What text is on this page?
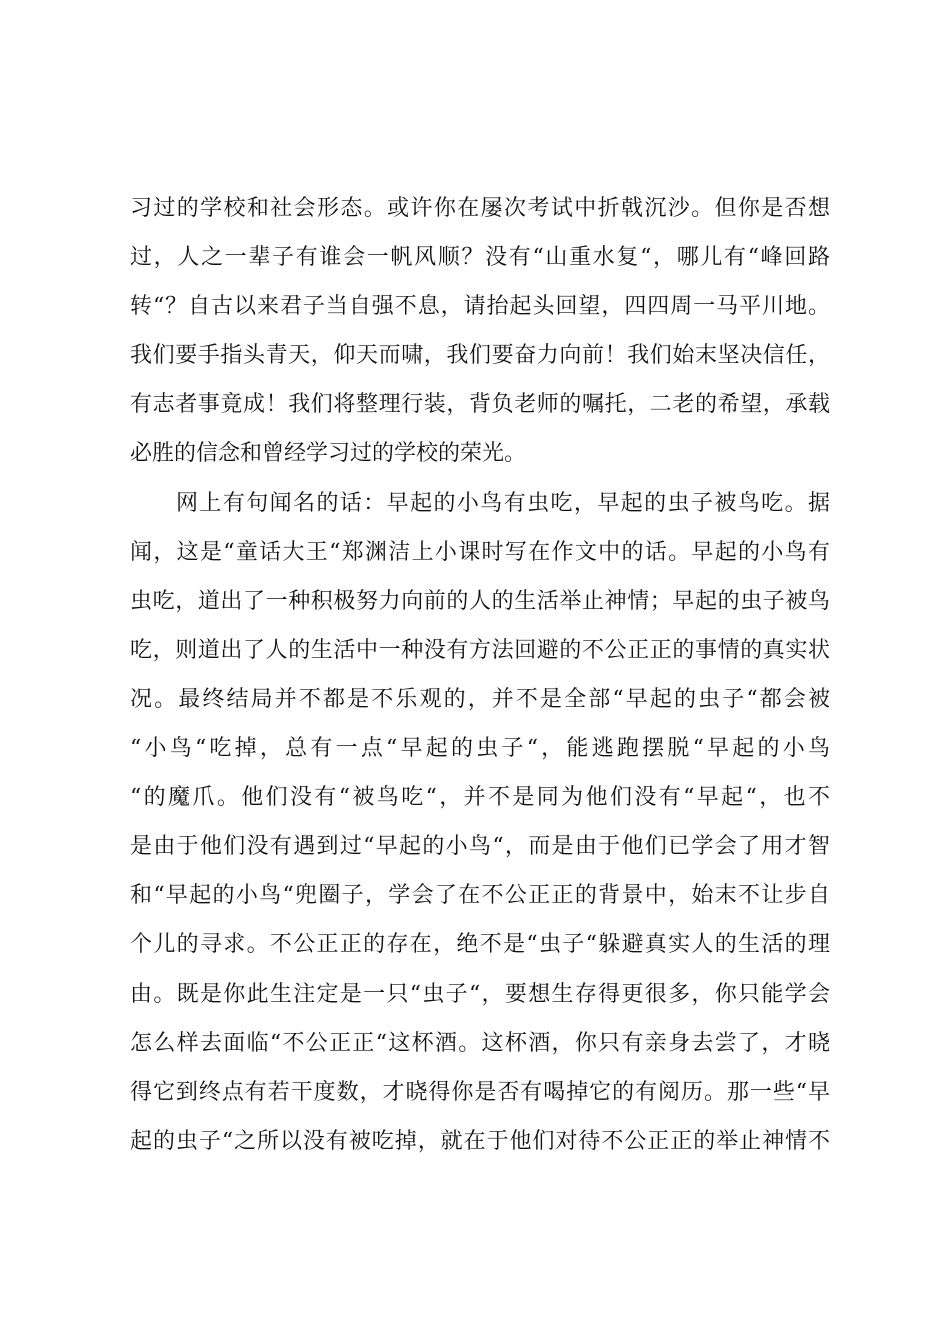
习过的学校和社会形态。或许你在屡次考试中折戟沉沙。但你是否想
过，人之一辈子有谁会一帆风顺？没有“山重水复“，哪儿有“峰回路
转“？自古以来君子当自强不息，请抬起头回望，四四周一马平川地。
我们要手指头青天，仰天而啸，我们要奋力向前！我们始末坚决信任，
有志者事竟成！我们将整理行装，背负老师的嘱托，二老的希望，承载
必胜的信念和曾经学习过的学校的荣光。
网上有句闻名的话：早起的小鸟有虫吃，早起的虫子被鸟吃。据
闻，这是“童话大王“郑渊洁上小课时写在作文中的话。早起的小鸟有
虫吃，道出了一种积极努力向前的人的生活举止神情；早起的虫子被鸟
吃，则道出了人的生活中一种没有方法回避的不公正正的事情的真实状
况。最终结局并不都是不乐观的，并不是全部“早起的虫子“都会被
“小鸟“吃掉，总有一点“早起的虫子“，能逃跑摆脱“早起的小鸟
“的魔爪。他们没有“被鸟吃“，并不是同为他们没有“早起“，也不
是由于他们没有遇到过“早起的小鸟“，而是由于他们已学会了用才智
和“早起的小鸟“兜圈子，学会了在不公正正的背景中，始末不让步自
个儿的寻求。不公正正的存在，绝不是“虫子“躲避真实人的生活的理
由。既是你此生注定是一只“虫子“，要想生存得更很多，你只能学会
怎么样去面临“不公正正“这杯酒。这杯酒，你只有亲身去尝了，才晓
得它到终点有若干度数，才晓得你是否有喝掉它的有阅历。那一些“早
起的虫子“之所以没有被吃掉，就在于他们对待不公正正的举止神情不
